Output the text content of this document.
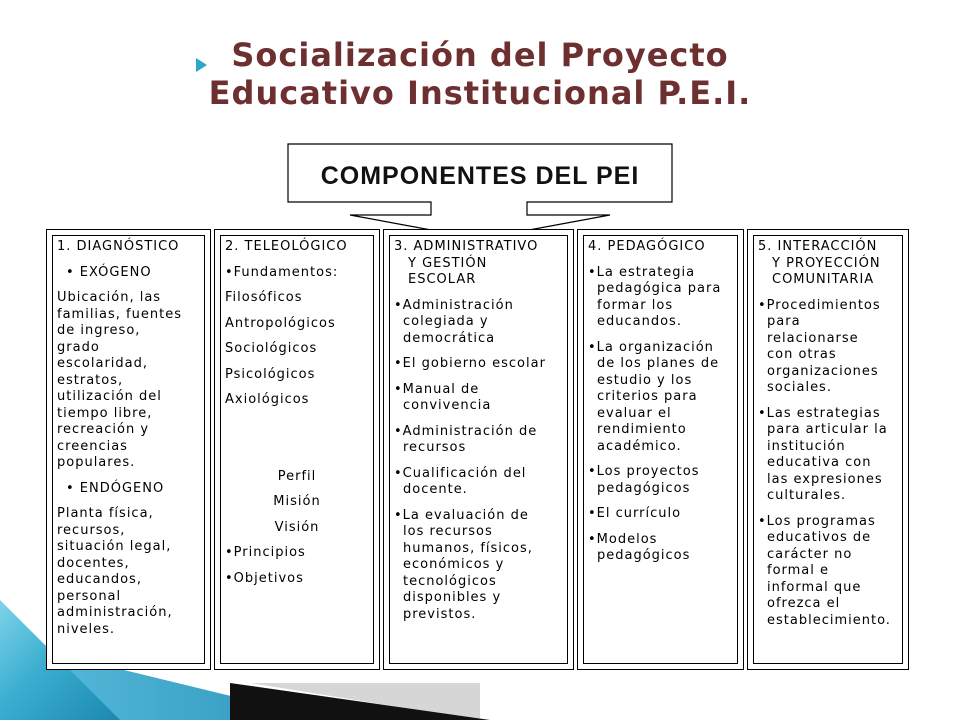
Socialización del Proyecto
Educativo Institucional P.E.I.
COMPONENTES DEL PEI
1. DIAGNÓSTICO
• EXÓGENO
Ubicación, las
familias, fuentes
de ingreso,
grado
escolaridad,
estratos,
utilización del
tiempo libre,
recreación y
creencias
populares.
• ENDÓGENO
Planta física,
recursos,
situación legal,
docentes,
educandos,
personal
administración,
niveles.
2. TELEOLÓGICO
•Fundamentos:
Filosóficos
Antropológicos
Sociológicos
Psicológicos
Axiológicos
Perfil
Misión
Visión
•Principios
•Objetivos
3. ADMINISTRATIVO
Y GESTIÓN
ESCOLAR
•Administración
colegiada y
democrática
•El gobierno escolar
•Manual de
convivencia
•Administración de
recursos
•Cualificación del
docente.
•La evaluación de
los recursos
humanos, físicos,
económicos y
tecnológicos
disponibles y
previstos.
4. PEDAGÓGICO
•La estrategia
pedagógica para
formar los
educandos.
•La organización
de los planes de
estudio y los
criterios para
evaluar el
rendimiento
académico.
•Los proyectos
pedagógicos
•El currículo
•Modelos
pedagógicos
5. INTERACCIÓN
Y PROYECCIÓN
COMUNITARIA
•Procedimientos
para
relacionarse
con otras
organizaciones
sociales.
•Las estrategias
para articular la
institución
educativa con
las expresiones
culturales.
•Los programas
educativos de
carácter no
formal e
informal que
ofrezca el
establecimiento.
